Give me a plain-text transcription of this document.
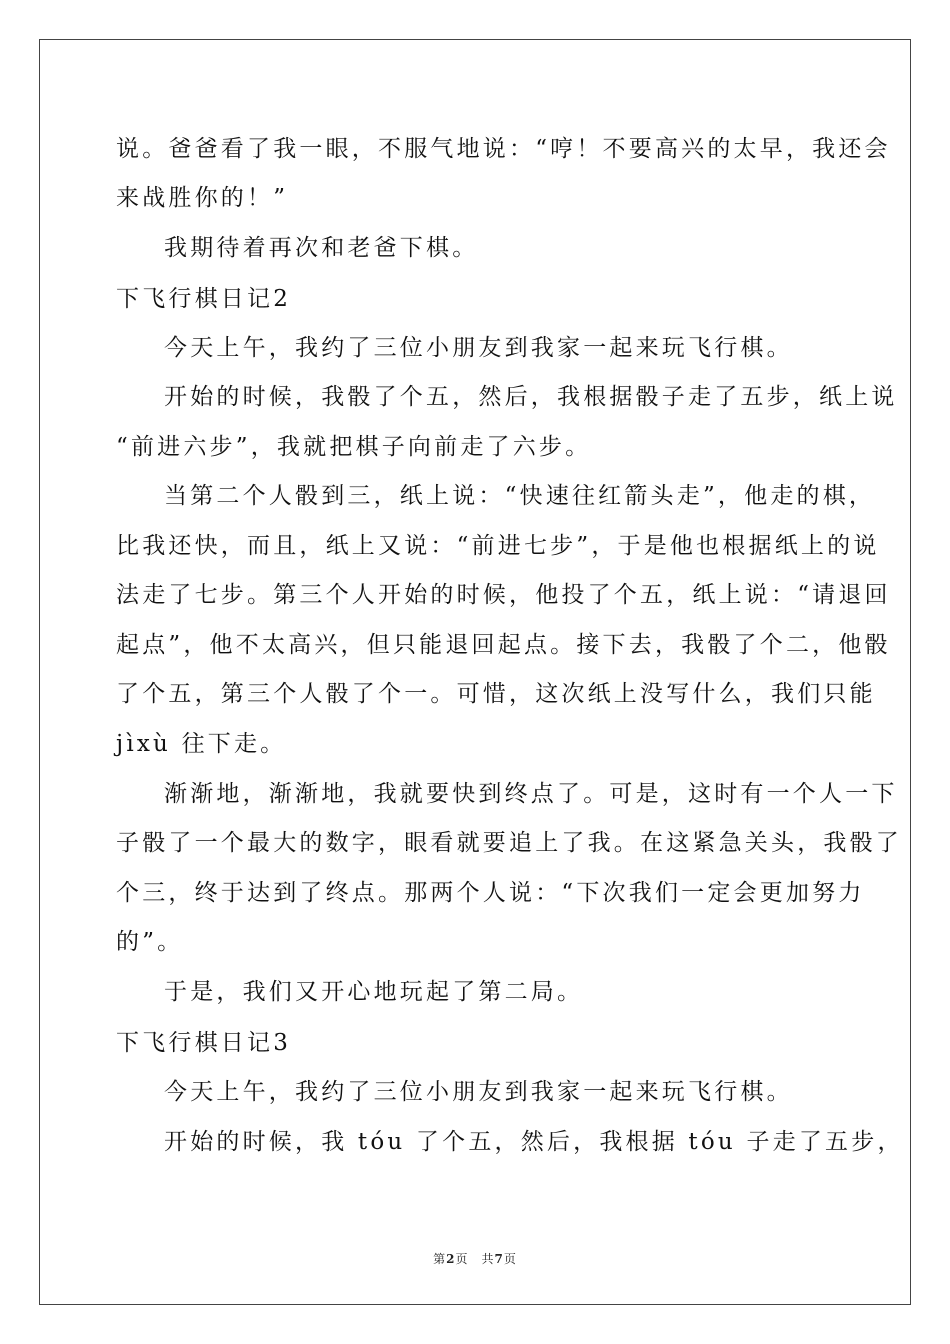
说。爸爸看了我一眼，不服气地说：“哼！不要高兴的太早，我还会
来战胜你的！”
我期待着再次和老爸下棋。
下飞行棋日记2
今天上午，我约了三位小朋友到我家一起来玩飞行棋。
开始的时候，我骰了个五，然后，我根据骰子走了五步，纸上说
“前进六步”，我就把棋子向前走了六步。
当第二个人骰到三，纸上说：“快速往红箭头走”，他走的棋，
比我还快，而且，纸上又说：“前进七步”，于是他也根据纸上的说
法走了七步。第三个人开始的时候，他投了个五，纸上说：“请退回
起点”，他不太高兴，但只能退回起点。接下去，我骰了个二，他骰
了个五，第三个人骰了个一。可惜，这次纸上没写什么，我们只能
jìxù 往下走。
渐渐地，渐渐地，我就要快到终点了。可是，这时有一个人一下
子骰了一个最大的数字，眼看就要追上了我。在这紧急关头，我骰了
个三，终于达到了终点。那两个人说：“下次我们一定会更加努力
的”。
于是，我们又开心地玩起了第二局。
下飞行棋日记3
今天上午，我约了三位小朋友到我家一起来玩飞行棋。
开始的时候，我 tóu 了个五，然后，我根据 tóu 子走了五步，
第2页　共7页
